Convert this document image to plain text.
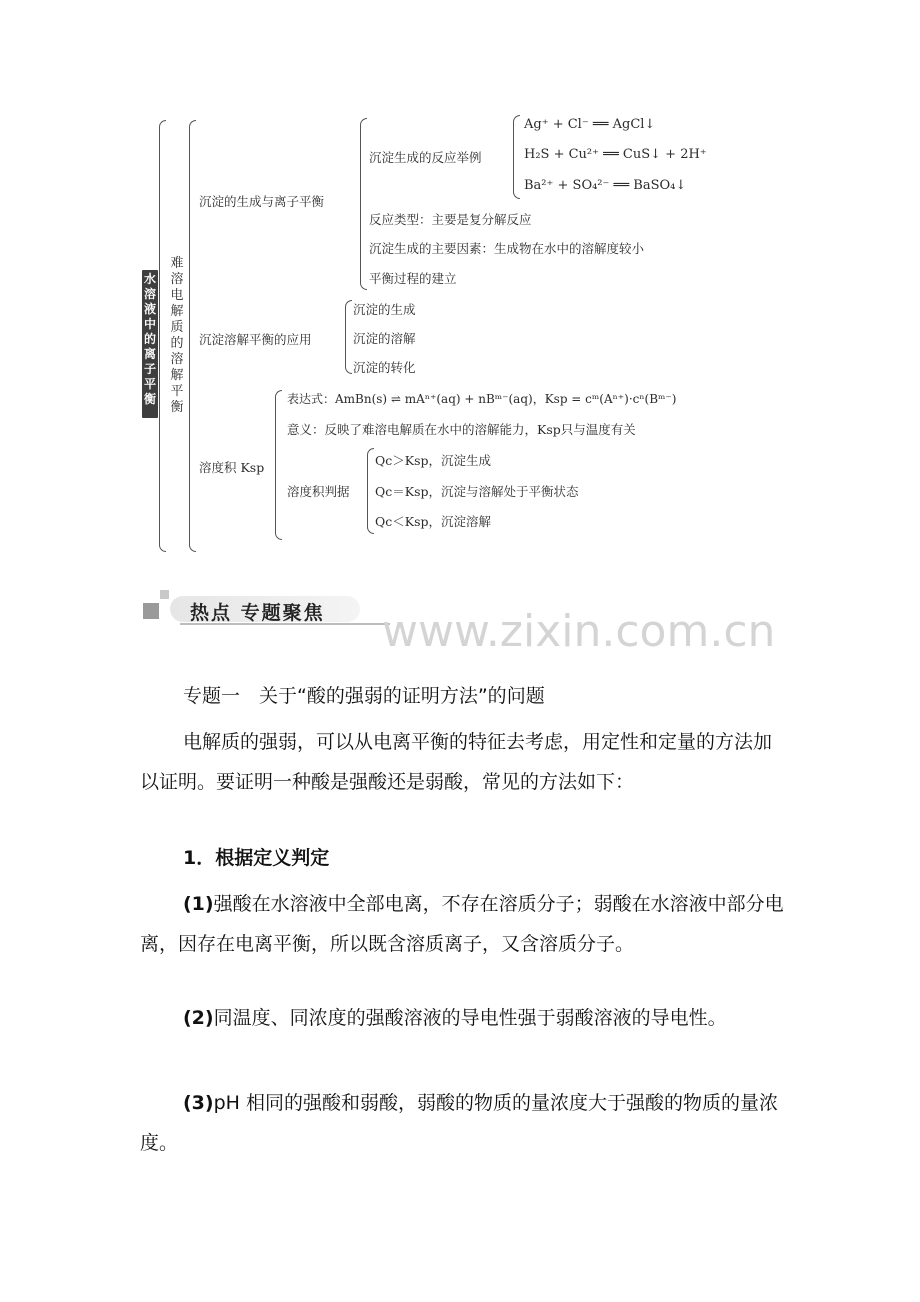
水溶液中的离子平衡
难溶电解质的溶解平衡
沉淀的生成与离子平衡
沉淀生成的反应举例
Ag⁺ + Cl⁻ ══ AgCl↓
H₂S + Cu²⁺ ══ CuS↓ + 2H⁺
Ba²⁺ + SO₄²⁻ ══ BaSO₄↓
反应类型：主要是复分解反应
沉淀生成的主要因素：生成物在水中的溶解度较小
平衡过程的建立
沉淀溶解平衡的应用
沉淀的生成
沉淀的溶解
沉淀的转化
溶度积 Ksp
表达式：AmBn(s) ⇌ mAⁿ⁺(aq) + nBᵐ⁻(aq)，Ksp = cᵐ(Aⁿ⁺)·cⁿ(Bᵐ⁻)
意义：反映了难溶电解质在水中的溶解能力，Ksp只与温度有关
溶度积判据
Qc＞Ksp，沉淀生成
Qc＝Ksp，沉淀与溶解处于平衡状态
Qc＜Ksp，沉淀溶解
热点 专题聚焦 www.zixin.com.cn
专题一　关于“酸的强弱的证明方法”的问题
电解质的强弱，可以从电离平衡的特征去考虑，用定性和定量的方法加以证明。要证明一种酸是强酸还是弱酸，常见的方法如下：
1．根据定义判定
(1)强酸在水溶液中全部电离，不存在溶质分子；弱酸在水溶液中部分电离，因存在电离平衡，所以既含溶质离子，又含溶质分子。
(2)同温度、同浓度的强酸溶液的导电性强于弱酸溶液的导电性。
(3)pH 相同的强酸和弱酸，弱酸的物质的量浓度大于强酸的物质的量浓度。
